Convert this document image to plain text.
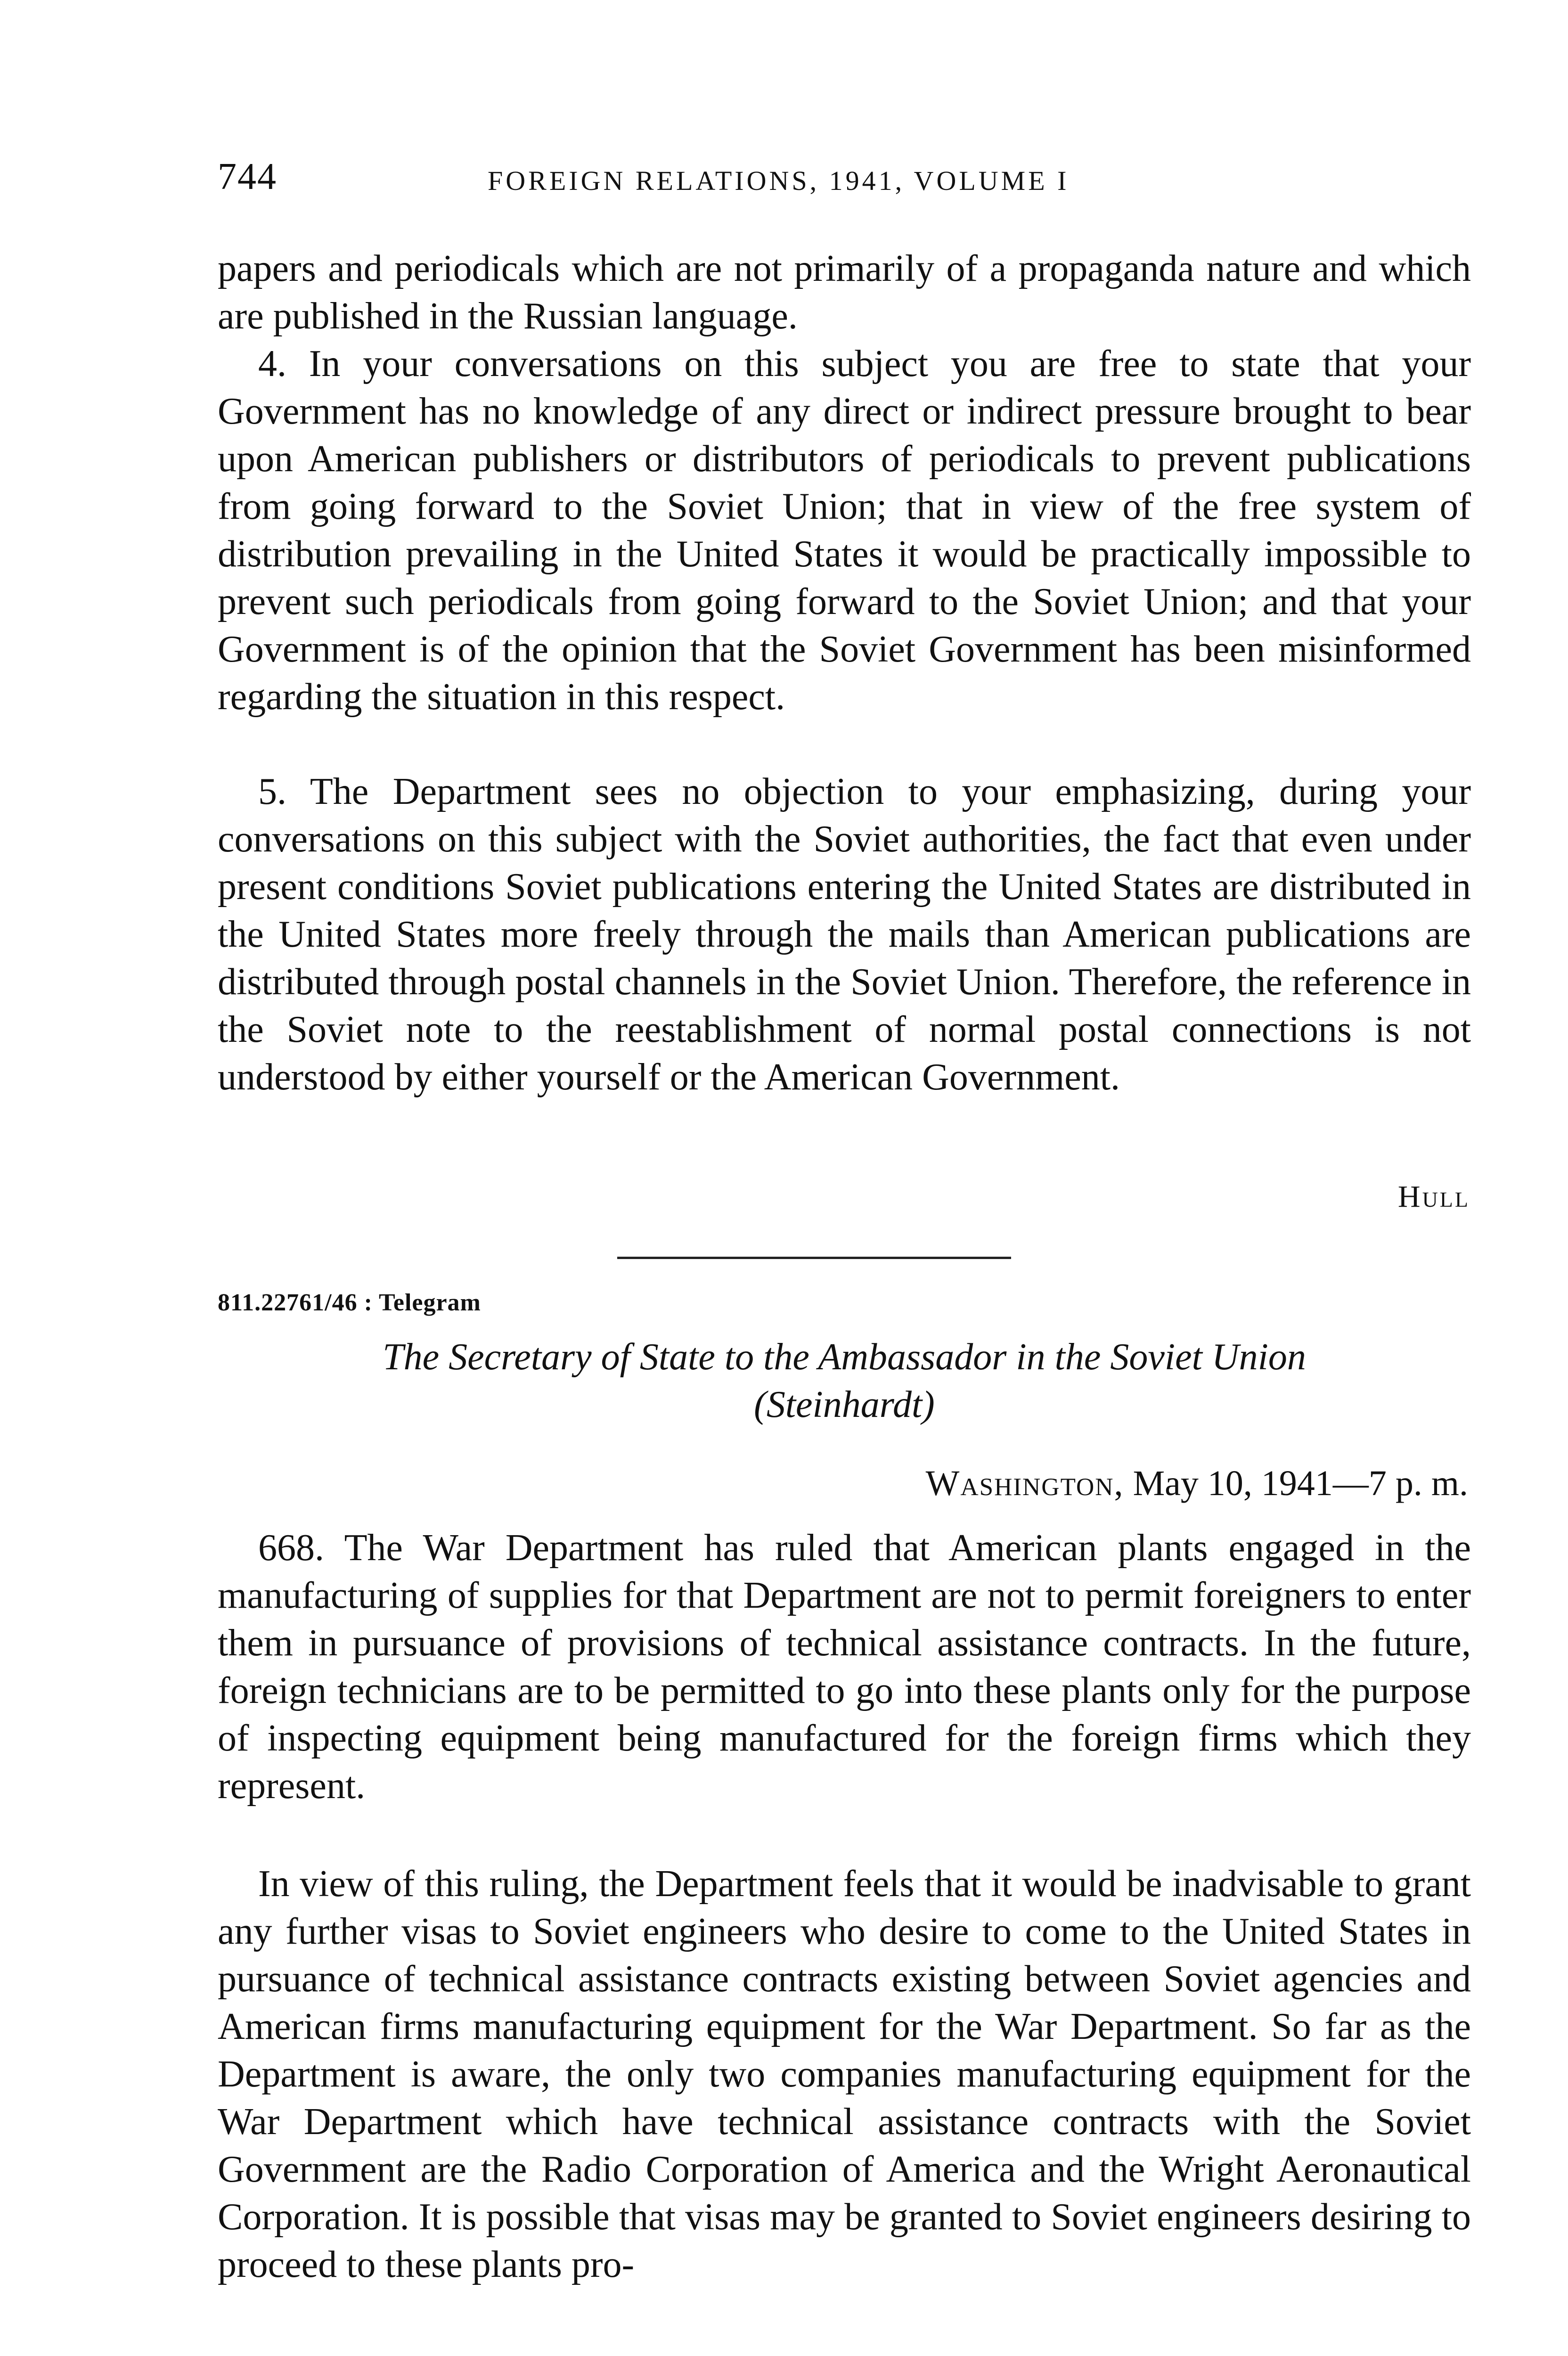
744	FOREIGN RELATIONS, 1941, VOLUME I

papers and periodicals which are not primarily of a propaganda nature and which are published in the Russian language.

4. In your conversations on this subject you are free to state that your Government has no knowledge of any direct or indirect pressure brought to bear upon American publishers or distributors of periodicals to prevent publications from going forward to the Soviet Union; that in view of the free system of distribution prevailing in the United States it would be practically impossible to prevent such periodicals from going forward to the Soviet Union; and that your Government is of the opinion that the Soviet Government has been misinformed regarding the situation in this respect.

5. The Department sees no objection to your emphasizing, during your conversations on this subject with the Soviet authorities, the fact that even under present conditions Soviet publications entering the United States are distributed in the United States more freely through the mails than American publications are distributed through postal channels in the Soviet Union. Therefore, the reference in the Soviet note to the reestablishment of normal postal connections is not understood by either yourself or the American Government.

Hull
811.22761/46 : Telegram
The Secretary of State to the Ambassador in the Soviet Union
(Steinhardt)
Washington, May 10, 1941—7 p. m.

668. The War Department has ruled that American plants engaged in the manufacturing of supplies for that Department are not to permit foreigners to enter them in pursuance of provisions of technical assistance contracts. In the future, foreign technicians are to be permitted to go into these plants only for the purpose of inspecting equipment being manufactured for the foreign firms which they represent.

In view of this ruling, the Department feels that it would be inadvisable to grant any further visas to Soviet engineers who desire to come to the United States in pursuance of technical assistance contracts existing between Soviet agencies and American firms manufacturing equipment for the War Department. So far as the Department is aware, the only two companies manufacturing equipment for the War Department which have technical assistance contracts with the Soviet Government are the Radio Corporation of America and the Wright Aeronautical Corporation. It is possible that visas may be granted to Soviet engineers desiring to proceed to these plants pro-
